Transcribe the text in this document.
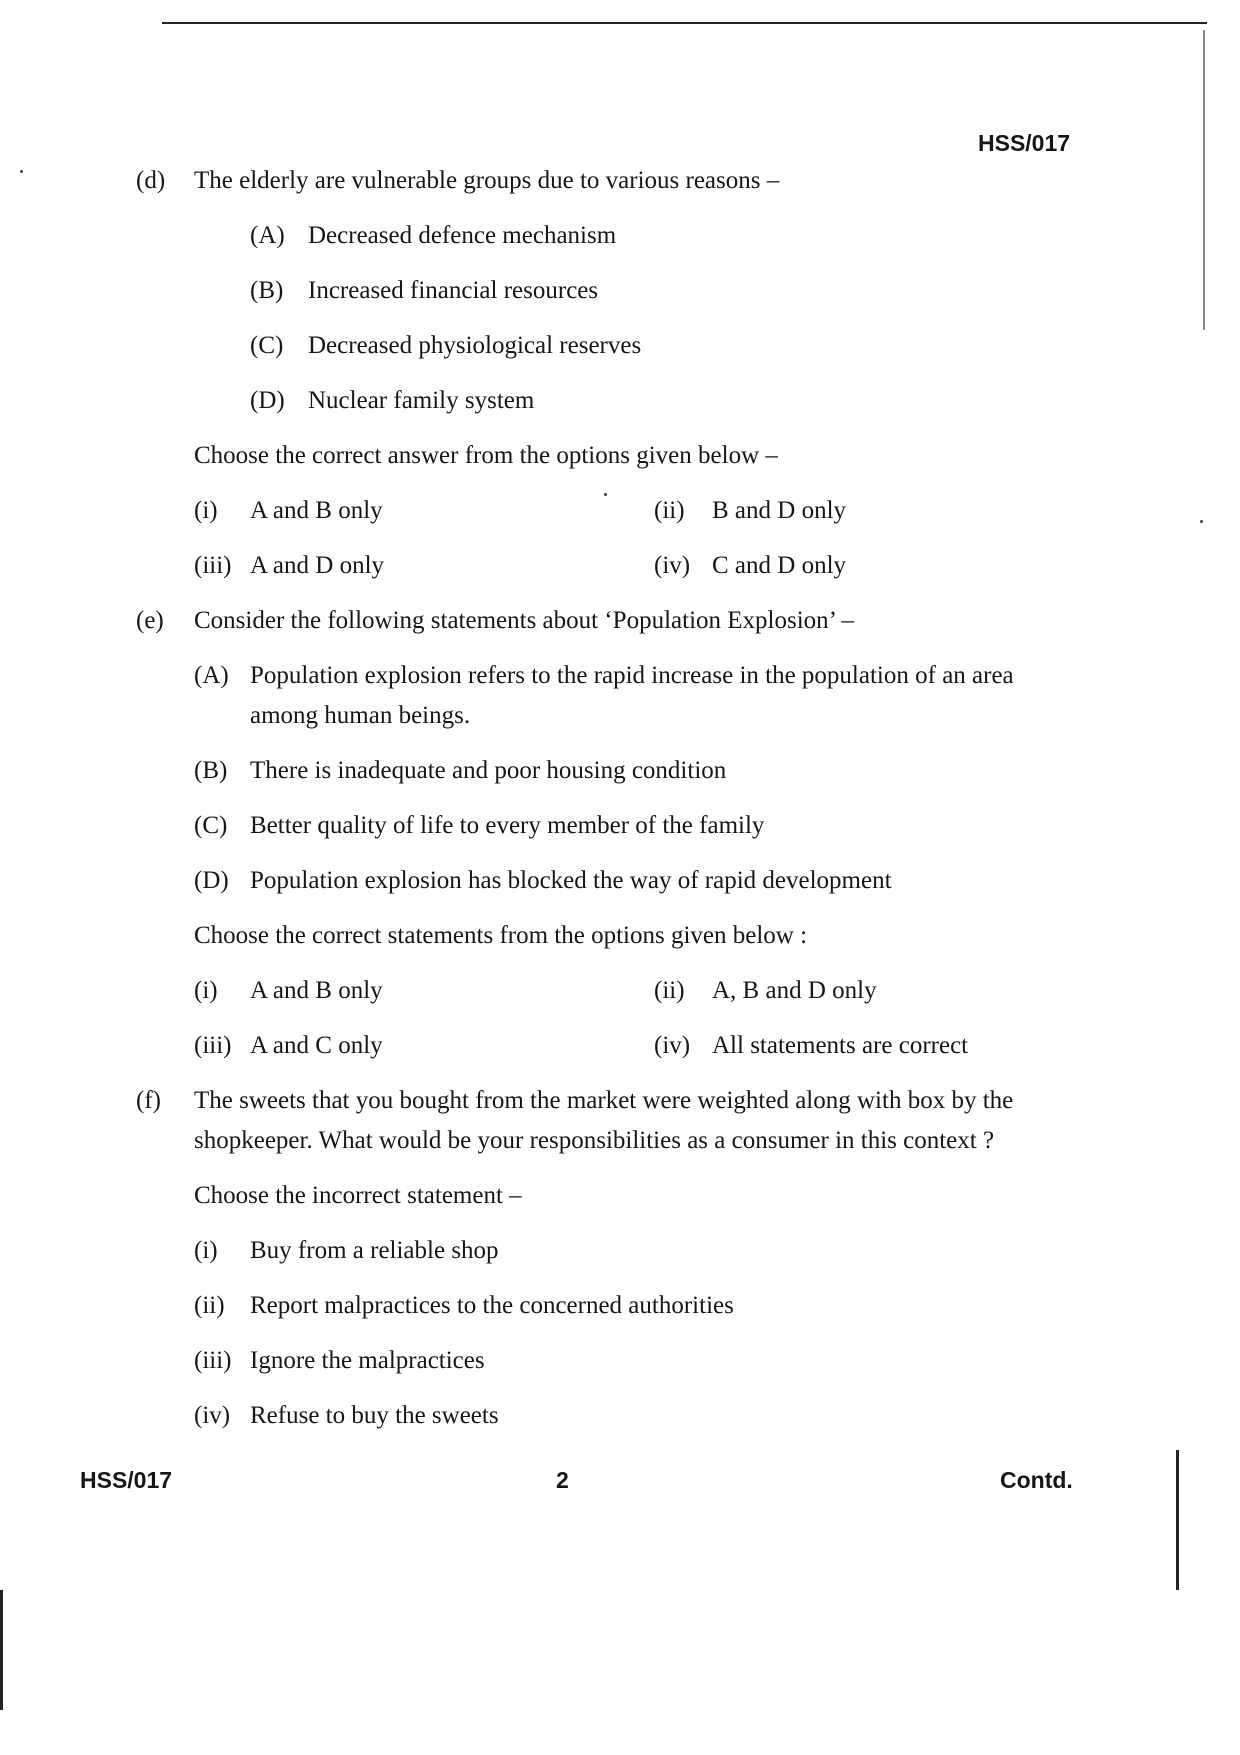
HSS/017
(d) The elderly are vulnerable groups due to various reasons –
(A) Decreased defence mechanism
(B) Increased financial resources
(C) Decreased physiological reserves
(D) Nuclear family system
Choose the correct answer from the options given below –
(i) A and B only	(ii) B and D only
(iii) A and D only	(iv) C and D only
(e) Consider the following statements about ‘Population Explosion’ –
(A) Population explosion refers to the rapid increase in the population of an area
among human beings.
(B) There is inadequate and poor housing condition
(C) Better quality of life to every member of the family
(D) Population explosion has blocked the way of rapid development
Choose the correct statements from the options given below :
(i) A and B only	(ii) A, B and D only
(iii) A and C only	(iv) All statements are correct
(f) The sweets that you bought from the market were weighted along with box by the
shopkeeper. What would be your responsibilities as a consumer in this context ?
Choose the incorrect statement –
(i) Buy from a reliable shop
(ii) Report malpractices to the concerned authorities
(iii) Ignore the malpractices
(iv) Refuse to buy the sweets
HSS/017	2	Contd.
